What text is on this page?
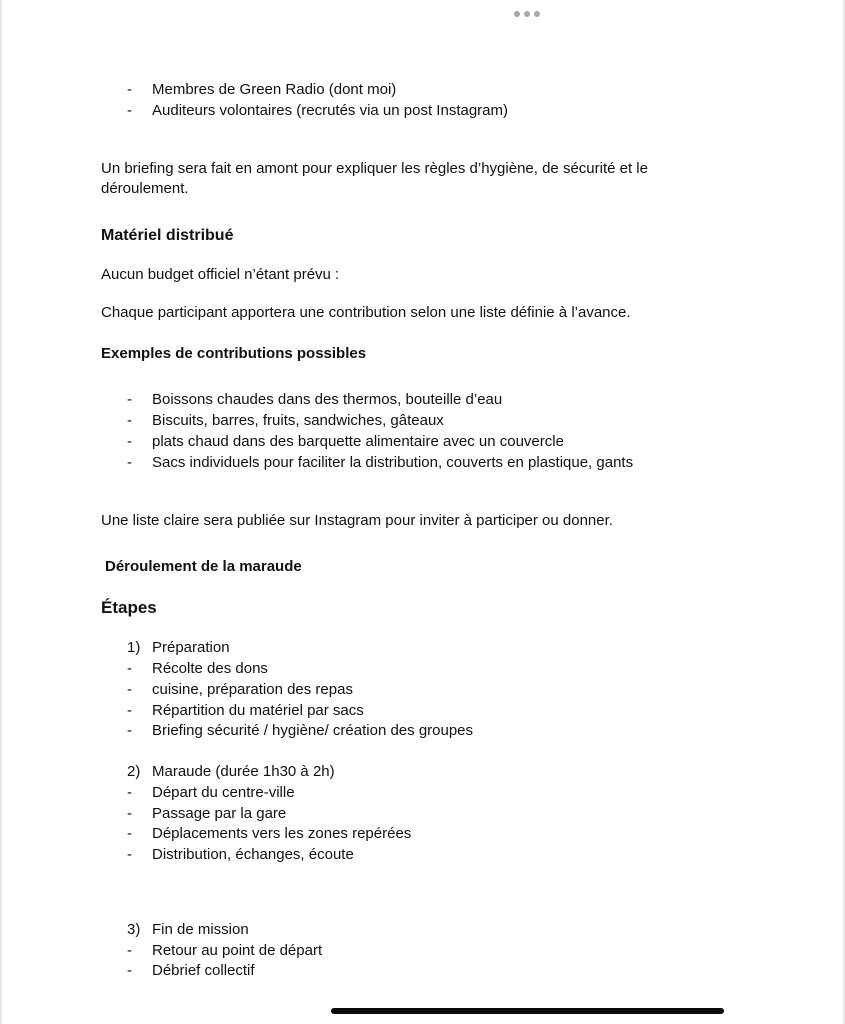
- Membres de Green Radio (dont moi)
- Auditeurs volontaires (recrutés via un post Instagram)
Un briefing sera fait en amont pour expliquer les règles d’hygiène, de sécurité et le
déroulement.
Matériel distribué
Aucun budget officiel n’étant prévu :
Chaque participant apportera une contribution selon une liste définie à l’avance.
Exemples de contributions possibles
- Boissons chaudes dans des thermos, bouteille d’eau
- Biscuits, barres, fruits, sandwiches, gâteaux
- plats chaud dans des barquette alimentaire avec un couvercle
- Sacs individuels pour faciliter la distribution, couverts en plastique, gants
Une liste claire sera publiée sur Instagram pour inviter à participer ou donner.
Déroulement de la maraude
Étapes
1) Préparation
- Récolte des dons
- cuisine, préparation des repas
- Répartition du matériel par sacs
- Briefing sécurité / hygiène/ création des groupes
2) Maraude (durée 1h30 à 2h)
- Départ du centre-ville
- Passage par la gare
- Déplacements vers les zones repérées
- Distribution, échanges, écoute
3) Fin de mission
- Retour au point de départ
- Débrief collectif
